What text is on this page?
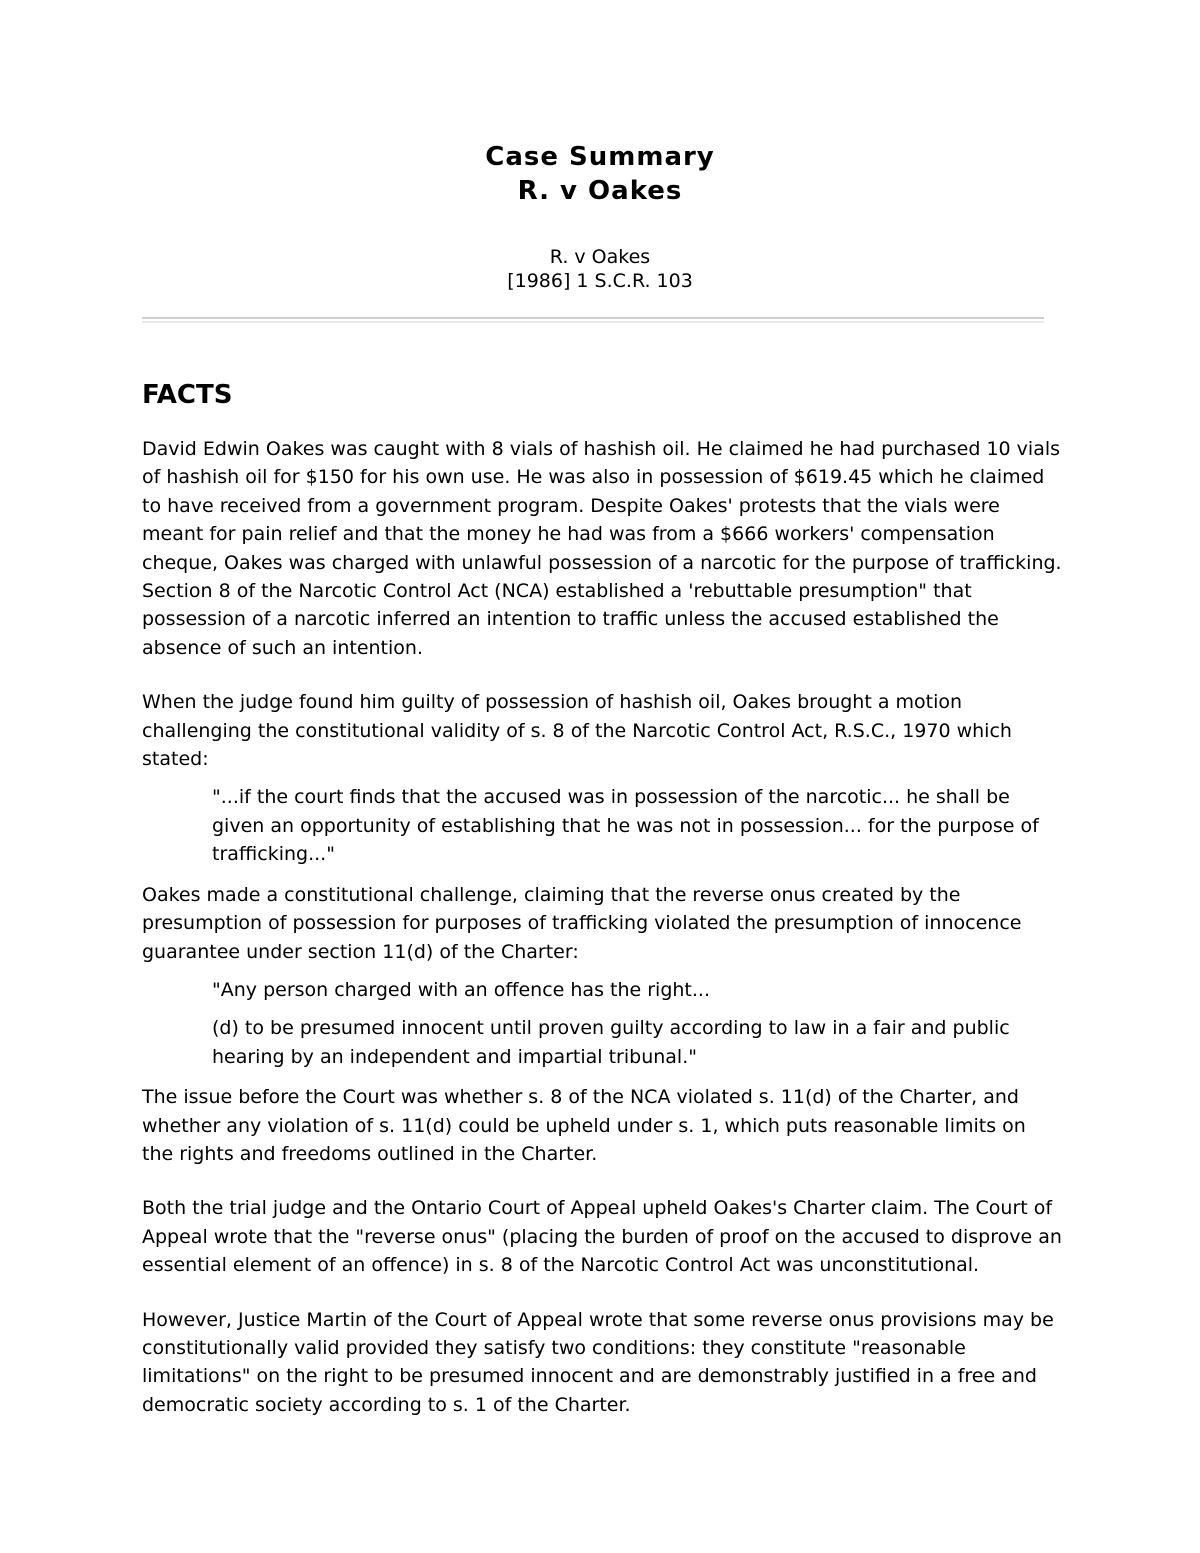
Case Summary
R. v Oakes
R. v Oakes
[1986] 1 S.C.R. 103
FACTS

David Edwin Oakes was caught with 8 vials of hashish oil. He claimed he had purchased 10 vials of hashish oil for $150 for his own use. He was also in possession of $619.45 which he claimed to have received from a government program. Despite Oakes' protests that the vials were meant for pain relief and that the money he had was from a $666 workers' compensation cheque, Oakes was charged with unlawful possession of a narcotic for the purpose of trafficking. Section 8 of the Narcotic Control Act (NCA) established a 'rebuttable presumption" that possession of a narcotic inferred an intention to traffic unless the accused established the absence of such an intention.

When the judge found him guilty of possession of hashish oil, Oakes brought a motion challenging the constitutional validity of s. 8 of the Narcotic Control Act, R.S.C., 1970 which stated:

"...if the court finds that the accused was in possession of the narcotic... he shall be given an opportunity of establishing that he was not in possession... for the purpose of trafficking..."

Oakes made a constitutional challenge, claiming that the reverse onus created by the presumption of possession for purposes of trafficking violated the presumption of innocence guarantee under section 11(d) of the Charter:

"Any person charged with an offence has the right...

(d) to be presumed innocent until proven guilty according to law in a fair and public hearing by an independent and impartial tribunal."

The issue before the Court was whether s. 8 of the NCA violated s. 11(d) of the Charter, and whether any violation of s. 11(d) could be upheld under s. 1, which puts reasonable limits on the rights and freedoms outlined in the Charter.

Both the trial judge and the Ontario Court of Appeal upheld Oakes's Charter claim. The Court of Appeal wrote that the "reverse onus" (placing the burden of proof on the accused to disprove an essential element of an offence) in s. 8 of the Narcotic Control Act was unconstitutional.

However, Justice Martin of the Court of Appeal wrote that some reverse onus provisions may be constitutionally valid provided they satisfy two conditions: they constitute "reasonable limitations" on the right to be presumed innocent and are demonstrably justified in a free and democratic society according to s. 1 of the Charter.
